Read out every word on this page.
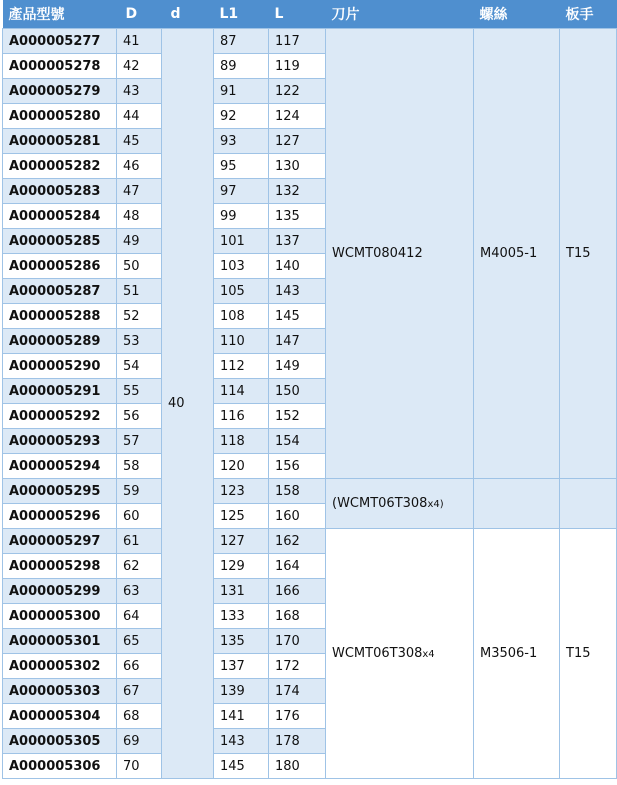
產品型號	D	d	L1	L	刀片	螺絲	板手
A000005277	41	40	87	117	WCMT080412	M4005-1	T15
A000005278	42		89	119			
A000005279	43		91	122			
A000005280	44		92	124			
A000005281	45		93	127			
A000005282	46		95	130			
A000005283	47		97	132			
A000005284	48		99	135			
A000005285	49		101	137			
A000005286	50		103	140			
A000005287	51		105	143			
A000005288	52		108	145			
A000005289	53		110	147			
A000005290	54		112	149			
A000005291	55		114	150			
A000005292	56		116	152			
A000005293	57		118	154			
A000005294	58		120	156			
A000005295	59		123	158	(WCMT06T308x4)		
A000005296	60		125	160			
A000005297	61		127	162	WCMT06T308x4	M3506-1	T15
A000005298	62		129	164			
A000005299	63		131	166			
A000005300	64		133	168			
A000005301	65		135	170			
A000005302	66		137	172			
A000005303	67		139	174			
A000005304	68		141	176			
A000005305	69		143	178			
A000005306	70		145	180			
